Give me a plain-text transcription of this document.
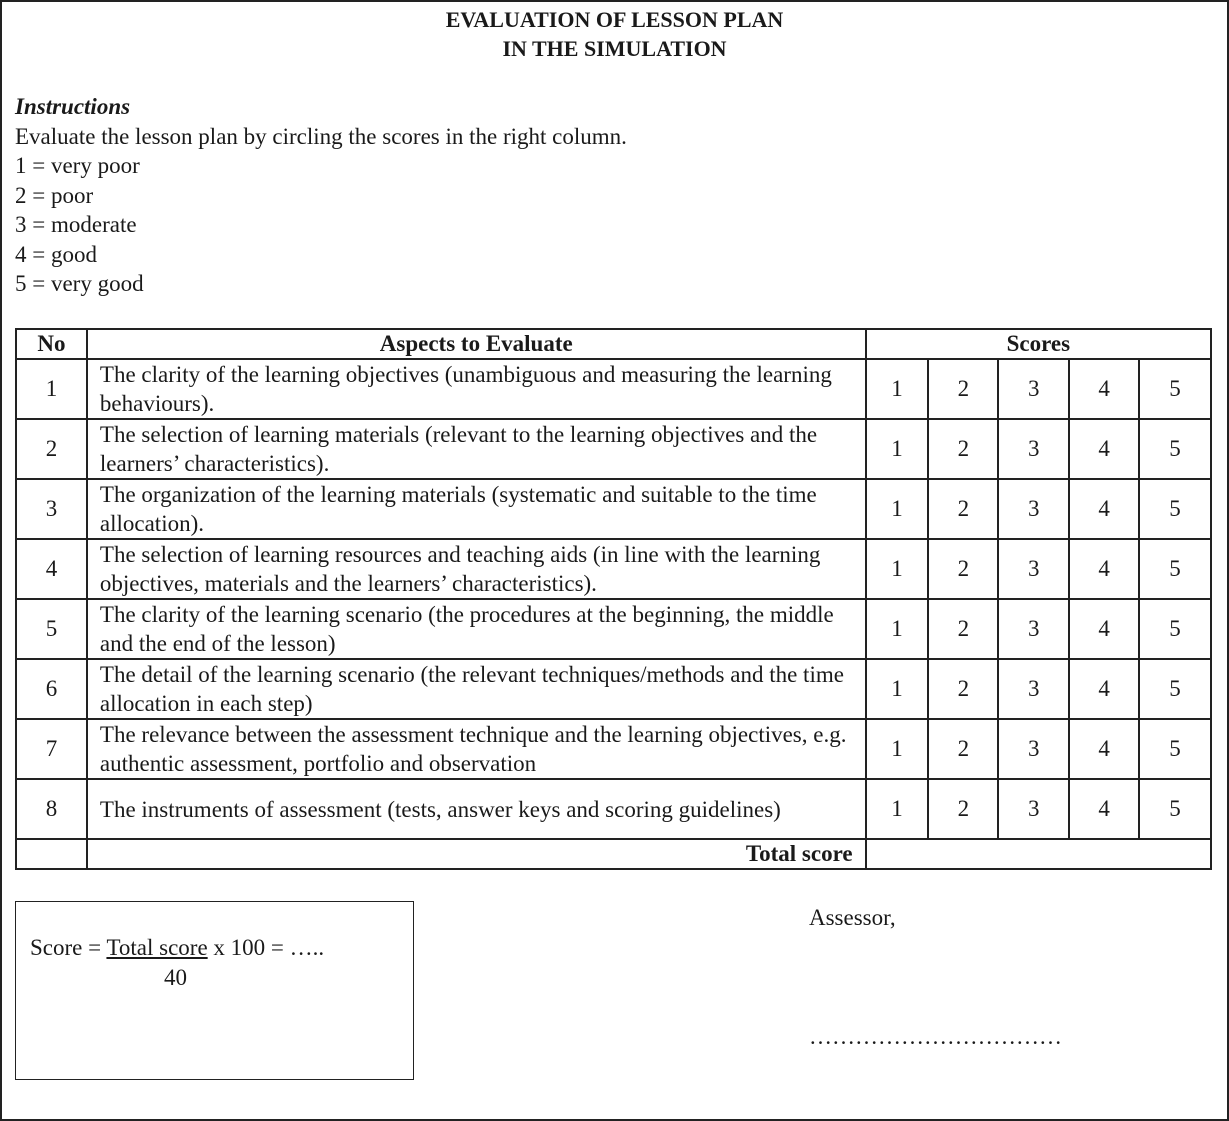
EVALUATION OF LESSON PLAN
IN THE SIMULATION
Instructions
Evaluate the lesson plan by circling the scores in the right column.
1 = very poor
2 = poor
3 = moderate
4 = good
5 = very good
No	Aspects to Evaluate	Scores				
1	The clarity of the learning objectives (unambiguous and measuring the learning behaviours).	1	2	3	4	5
2	The selection of learning materials (relevant to the learning objectives and the learners’ characteristics).	1	2	3	4	5
3	The organization of the learning materials (systematic and suitable to the time allocation).	1	2	3	4	5
4	The selection of learning resources and teaching aids (in line with the learning objectives, materials and the learners’ characteristics).	1	2	3	4	5
5	The clarity of the learning scenario (the procedures at the beginning, the middle and the end of the lesson)	1	2	3	4	5
6	The detail of the learning scenario (the relevant techniques/methods and the time allocation in each step)	1	2	3	4	5
7	The relevance between the assessment technique and the learning objectives, e.g. authentic assessment, portfolio and observation	1	2	3	4	5
8	The instruments of assessment (tests, answer keys and scoring guidelines)	1	2	3	4	5
	Total score					
Score = Total score x 100 = …..
40
Assessor,
……………………………
